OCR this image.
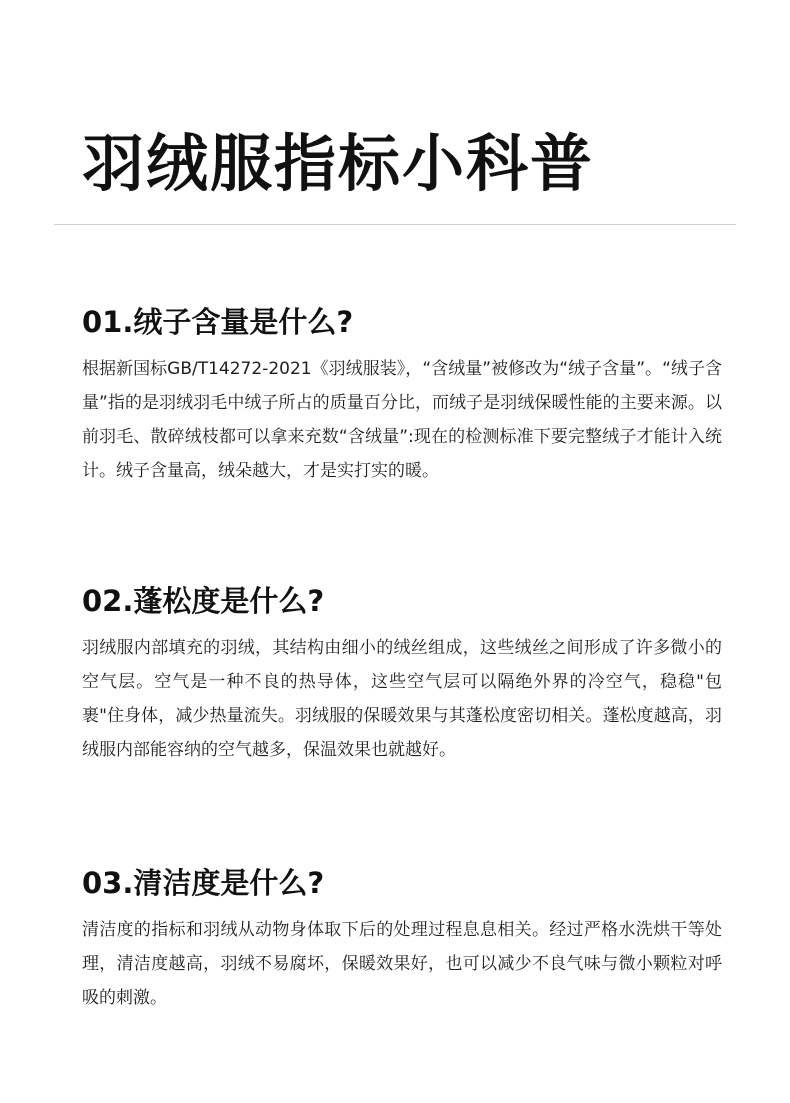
羽绒服指标小科普
01.绒子含量是什么?

根据新国标GB/T14272-2021《羽绒服装》，“含绒量”被修改为“绒子含量”。“绒子含量”指的是羽绒羽毛中绒子所占的质量百分比，而绒子是羽绒保暖性能的主要来源。以前羽毛、散碎绒枝都可以拿来充数“含绒量”:现在的检测标准下要完整绒子才能计入统计。绒子含量高，绒朵越大，才是实打实的暖。

02.蓬松度是什么?

羽绒服内部填充的羽绒，其结构由细小的绒丝组成，这些绒丝之间形成了许多微小的空气层。空气是一种不良的热导体，这些空气层可以隔绝外界的冷空气，稳稳"包裹"住身体，减少热量流失。羽绒服的保暖效果与其蓬松度密切相关。蓬松度越高，羽绒服内部能容纳的空气越多，保温效果也就越好。

03.清洁度是什么?

清洁度的指标和羽绒从动物身体取下后的处理过程息息相关。经过严格水洗烘干等处理，清洁度越高，羽绒不易腐坏，保暖效果好，也可以减少不良气味与微小颗粒对呼吸的刺激。
